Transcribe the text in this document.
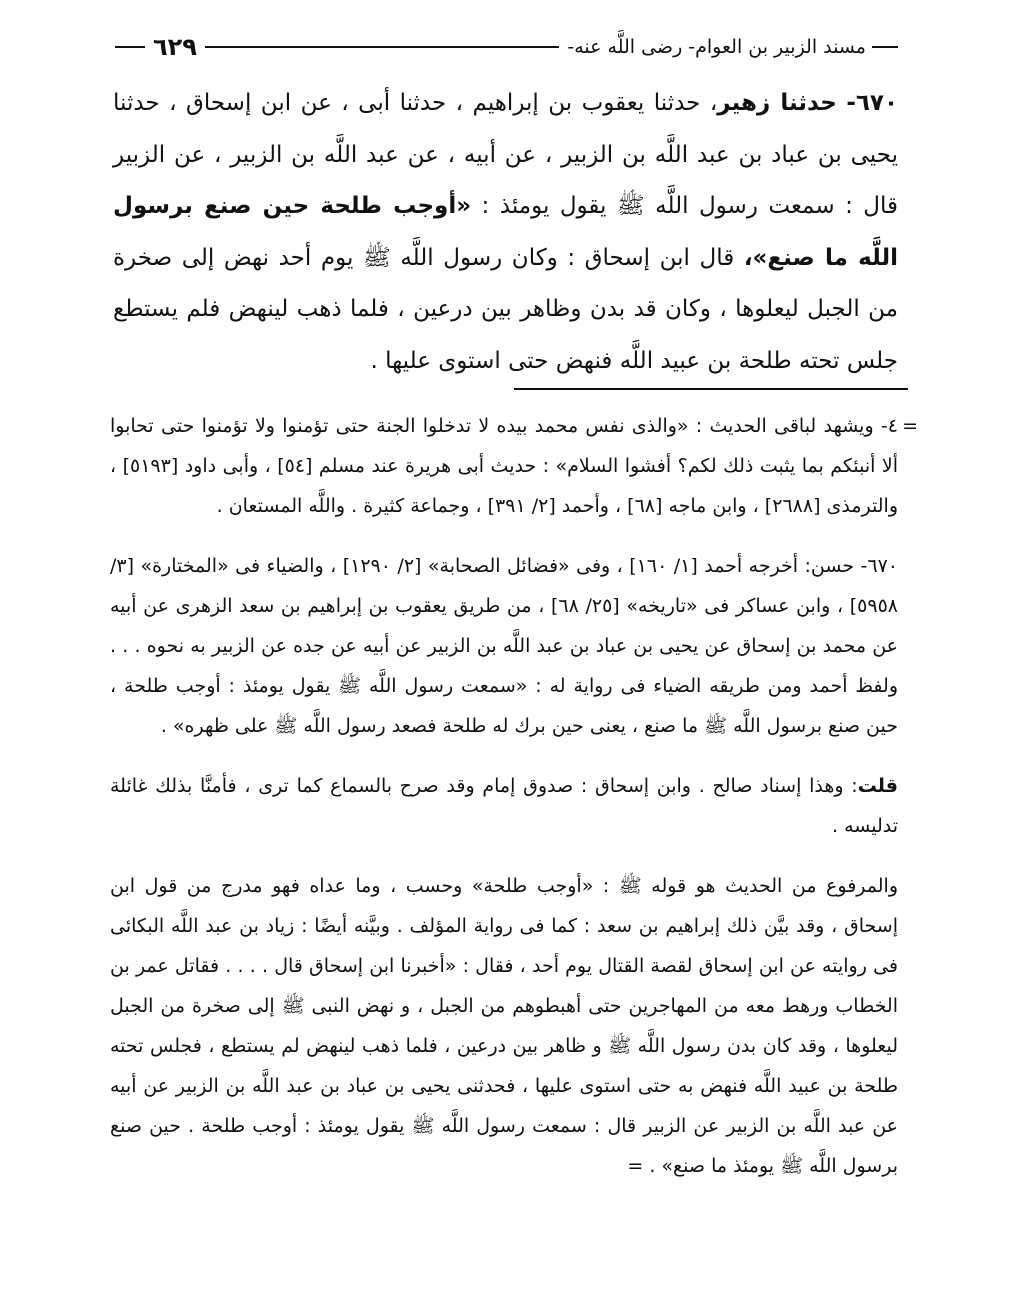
مسند الزبير بن العوام- رضى اللَّه عنه-
٦٢٩
٦٧٠- حدثنا زهير، حدثنا يعقوب بن إبراهيم ، حدثنا أبى ، عن ابن إسحاق ، حدثنا يحيى بن عباد بن عبد اللَّه بن الزبير ، عن أبيه ، عن عبد اللَّه بن الزبير ، عن الزبير قال : سمعت رسول اللَّه ﷺ يقول يومئذ : «أوجب طلحة حين صنع برسول اللَّه ما صنع»، قال ابن إسحاق : وكان رسول اللَّه ﷺ يوم أحد نهض إلى صخرة من الجبل ليعلوها ، وكان قد بدن وظاهر بين درعين ، فلما ذهب لينهض فلم يستطع جلس تحته طلحة بن عبيد اللَّه فنهض حتى استوى عليها .
=

٤- ويشهد لباقى الحديث : «والذى نفس محمد بيده لا تدخلوا الجنة حتى تؤمنوا ولا تؤمنوا حتى تحابوا ألا أنبئكم بما يثبت ذلك لكم؟ أفشوا السلام» : حديث أبى هريرة عند مسلم [٥٤] ، وأبى داود [٥١٩٣] ، والترمذى [٢٦٨٨] ، وابن ماجه [٦٨] ، وأحمد [٢/ ٣٩١] ، وجماعة كثيرة . واللَّه المستعان .

٦٧٠- حسن: أخرجه أحمد [١/ ١٦٠] ، وفى «فضائل الصحابة» [٢/ ١٢٩٠] ، والضياء فى «المختارة» [٣/ ٥٩٥٨] ، وابن عساكر فى «تاريخه» [٢٥/ ٦٨] ، من طريق يعقوب بن إبراهيم بن سعد الزهرى عن أبيه عن محمد بن إسحاق عن يحيى بن عباد بن عبد اللَّه بن الزبير عن أبيه عن جده عن الزبير به نحوه . . . ولفظ أحمد ومن طريقه الضياء فى رواية له : «سمعت رسول اللَّه ﷺ يقول يومئذ : أوجب طلحة ، حين صنع برسول اللَّه ﷺ ما صنع ، يعنى حين برك له طلحة فصعد رسول اللَّه ﷺ على ظهره» .

قلت: وهذا إسناد صالح . وابن إسحاق : صدوق إمام وقد صرح بالسماع كما ترى ، فأمنَّا بذلك غائلة تدليسه .

والمرفوع من الحديث هو قوله ﷺ : «أوجب طلحة» وحسب ، وما عداه فهو مدرج من قول ابن إسحاق ، وقد بيَّن ذلك إبراهيم بن سعد : كما فى رواية المؤلف . وبيَّنه أيضًا : زياد بن عبد اللَّه البكائى فى روايته عن ابن إسحاق لقصة القتال يوم أحد ، فقال : «أخبرنا ابن إسحاق قال . . . . فقاتل عمر بن الخطاب ورهط معه من المهاجرين حتى أهبطوهم من الجبل ، و نهض النبى ﷺ إلى صخرة من الجبل ليعلوها ، وقد كان بدن رسول اللَّه ﷺ و ظاهر بين درعين ، فلما ذهب لينهض لم يستطع ، فجلس تحته طلحة بن عبيد اللَّه فنهض به حتى استوى عليها ، فحدثنى يحيى بن عباد بن عبد اللَّه بن الزبير عن أبيه عن عبد اللَّه بن الزبير عن الزبير قال : سمعت رسول اللَّه ﷺ يقول يومئذ : أوجب طلحة . حين صنع برسول اللَّه ﷺ يومئذ ما صنع» . =
